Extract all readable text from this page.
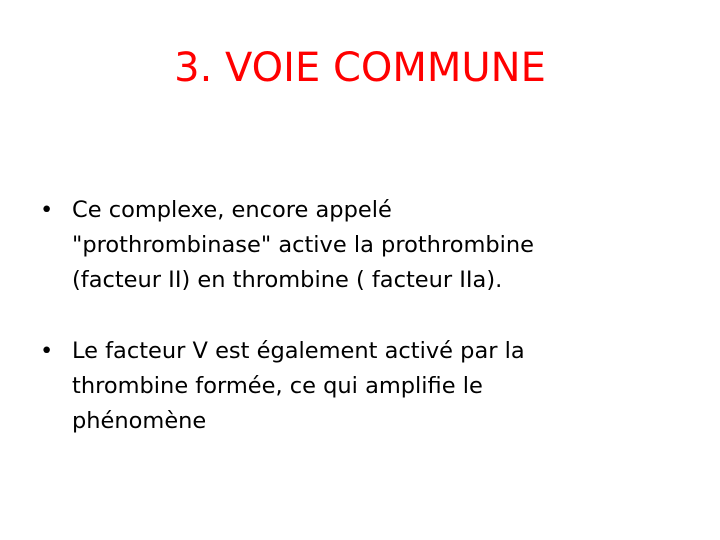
3. VOIE COMMUNE
• Ce complexe, encore appelé
"prothrombinase" active la prothrombine
(facteur II) en thrombine ( facteur IIa).
• Le facteur V est également activé par la
thrombine formée, ce qui amplifie le
phénomène
